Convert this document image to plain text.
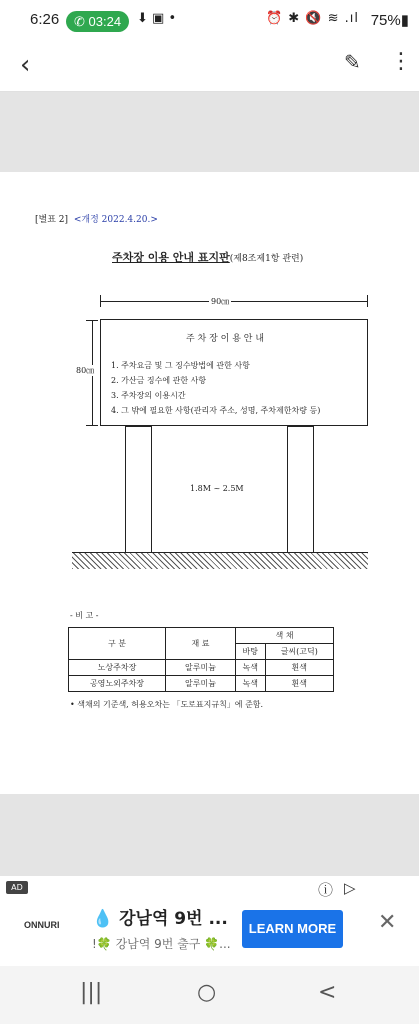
6:26	✆ 03:24	⬇ ▣ •	⏰ ✱ 🔇 ≋ .ıl 75%▮
‹	✎ ⋮
[별표 2] <개정 2022.4.20.>
주차장 이용 안내 표지판(제8조제1항 관련)
90㎝
80㎝
주 차 장 이 용 안 내
1. 주차요금 및 그 징수방법에 관한 사항
2. 가산금 징수에 관한 사항
3. 주차장의 이용시간
4. 그 밖에 필요한 사항(관리자 주소, 성명, 주차제한차량 등)
1.8M ~ 2.5M
- 비 고 -
구 분	재 료	색 채	
		바탕	글씨(고딕)
노상주차장	알루미늄	녹색	흰색
공영노외주차장	알루미늄	녹색	흰색
• 색채의 기준색, 허용오차는 「도로표지규칙」에 준함.
AD	ⓘ ▷
ONNURI 💧 강남역 9번 ...
!🍀 강남역 9번 출구 🍀...
LEARN MORE	✕
|||	○	<
